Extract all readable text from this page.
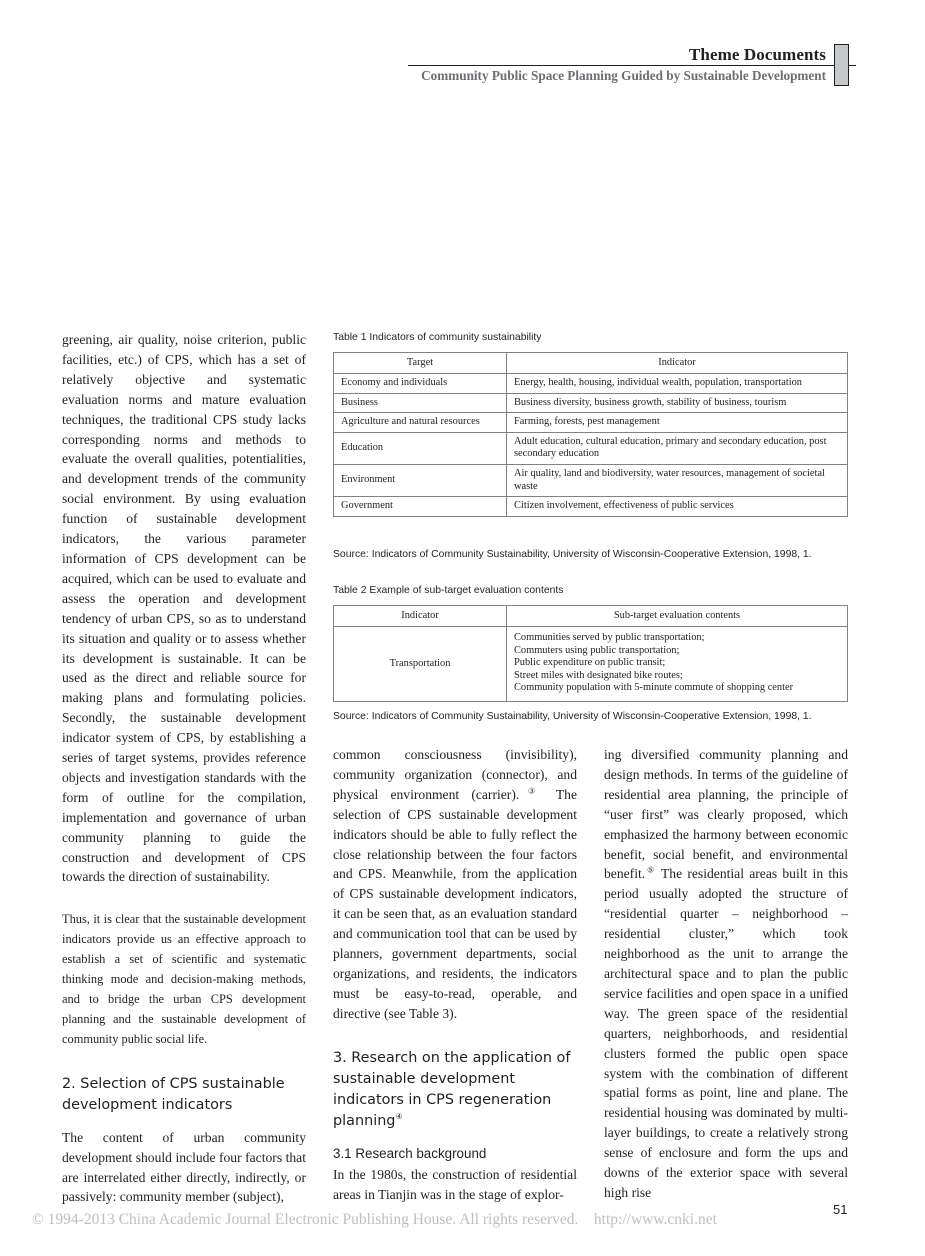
Theme Documents
Community Public Space Planning Guided by Sustainable Development

greening, air quality, noise criterion, public facilities, etc.) of CPS, which has a set of relatively objective and systematic evaluation norms and mature evaluation techniques, the traditional CPS study lacks corresponding norms and methods to evaluate the overall qualities, potentialities, and development trends of the community social environment. By using evaluation function of sustainable development indicators, the various parameter information of CPS development can be acquired, which can be used to evaluate and assess the operation and development tendency of urban CPS, so as to understand its situation and quality or to assess whether its development is sustainable. It can be used as the direct and reliable source for making plans and formulating policies. Secondly, the sustainable development indicator system of CPS, by establishing a series of target systems, provides reference objects and investigation standards with the form of outline for the compilation, implementation and governance of urban community planning to guide the construction and development of CPS towards the direction of sustainability.

Thus, it is clear that the sustainable development indicators provide us an effective approach to establish a set of scientific and systematic thinking mode and decision-making methods, and to bridge the urban CPS development planning and the sustainable development of community public social life.

2. Selection of CPS sustainable development indicators

The content of urban community development should include four factors that are interrelated either directly, indirectly, or passively: community member (subject),

Table 1 Indicators of community sustainability
Target	Indicator
Economy and individuals	Energy, health, housing, individual wealth, population, transportation
Business	Business diversity, business growth, stability of business, tourism
Agriculture and natural resources	Farming, forests, pest management
Education	Adult education, cultural education, primary and secondary education, post secondary education
Environment	Air quality, land and biodiversity, water resources, management of societal waste
Government	Citizen involvement, effectiveness of public services
Source: Indicators of Community Sustainability, University of Wisconsin-Cooperative Extension, 1998, 1.
Table 2 Example of sub-target evaluation contents
Indicator	Sub-target evaluation contents
Transportation	Communities served by public transportation;
Commuters using public transportation;
Public expenditure on public transit;
Street miles with designated bike routes;
Community population with 5-minute commute of shopping center
Source: Indicators of Community Sustainability, University of Wisconsin-Cooperative Extension, 1998, 1.

common consciousness (invisibility), community organization (connector), and physical environment (carrier).③ The selection of CPS sustainable development indicators should be able to fully reflect the close relationship between the four factors and CPS. Meanwhile, from the application of CPS sustainable development indicators, it can be seen that, as an evaluation standard and communication tool that can be used by planners, government departments, social organizations, and residents, the indicators must be easy-to-read, operable, and directive (see Table 3).

3. Research on the application of sustainable development indicators in CPS regeneration planning④

3.1 Research background

In the 1980s, the construction of residential areas in Tianjin was in the stage of explor-

ing diversified community planning and design methods. In terms of the guideline of residential area planning, the principle of “user first” was clearly proposed, which emphasized the harmony between economic benefit, social benefit, and environmental benefit.⑤ The residential areas built in this period usually adopted the structure of “residential quarter – neighborhood – residential cluster,” which took neighborhood as the unit to arrange the architectural space and to plan the public service facilities and open space in a unified way. The green space of the residential quarters, neighborhoods, and residential clusters formed the public open space system with the combination of different spatial forms as point, line and plane. The residential housing was dominated by multi-layer buildings, to create a relatively strong sense of enclosure and form the ups and downs of the exterior space with several high rise

51
© 1994-2013 China Academic Journal Electronic Publishing House. All rights reserved.    http://www.cnki.net
